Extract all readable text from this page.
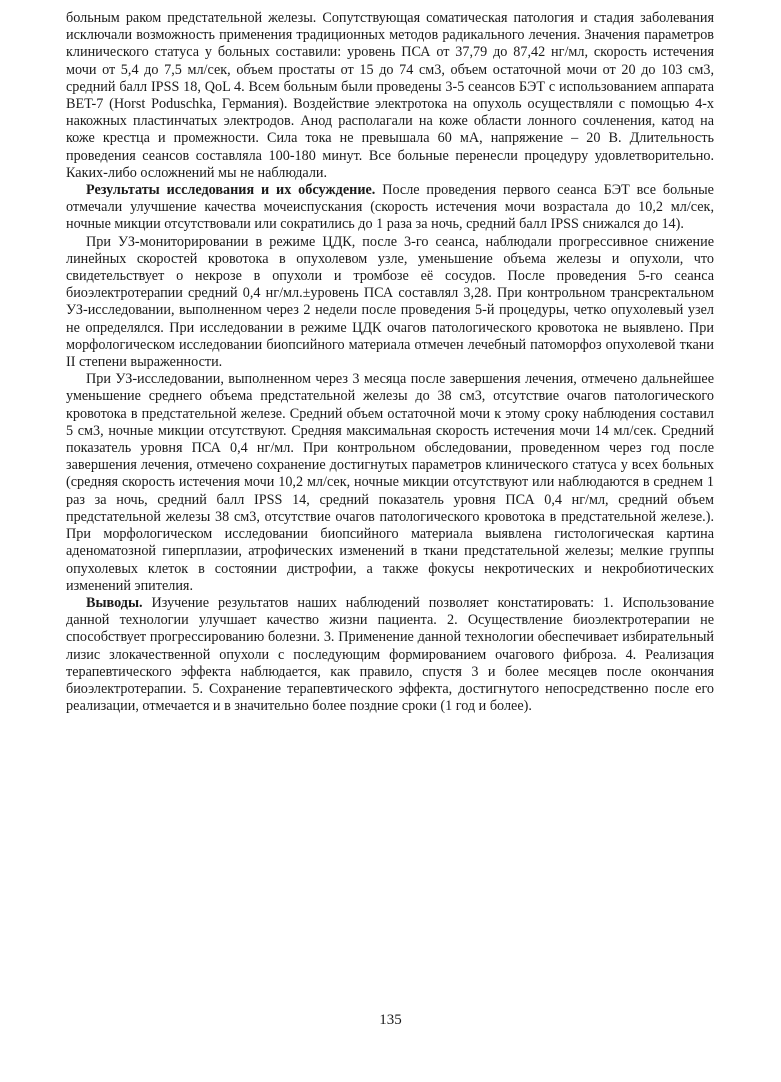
больным раком предстательной железы. Сопутствующая соматическая патология и стадия заболевания исключали возможность применения традиционных методов радикального лечения. Значения параметров клинического статуса у больных составили: уровень ПСА от 37,79 до 87,42 нг/мл, скорость истечения мочи от 5,4 до 7,5 мл/сек, объем простаты от 15 до 74 см3, объем остаточной мочи от 20 до 103 см3, средний балл IPSS 18, QoL 4. Всем больным были проведены 3-5 сеансов БЭТ с использованием аппарата BET-7 (Horst Poduschka, Германия). Воздействие электротока на опухоль осуществляли с помощью 4-х накожных пластинчатых электродов. Анод располагали на коже области лонного сочленения, катод на коже крестца и промежности. Сила тока не превышала 60 мА, напряжение – 20 В. Длительность проведения сеансов составляла 100-180 минут. Все больные перенесли процедуру удовлетворительно. Каких-либо осложнений мы не наблюдали.

Результаты исследования и их обсуждение. После проведения первого сеанса БЭТ все больные отмечали улучшение качества мочеиспускания (скорость истечения мочи возрастала до 10,2 мл/сек, ночные микции отсутствовали или сократились до 1 раза за ночь, средний балл IPSS снижался до 14).

При УЗ-мониторировании в режиме ЦДК, после 3-го сеанса, наблюдали прогрессивное снижение линейных скоростей кровотока в опухолевом узле, уменьшение объема железы и опухоли, что свидетельствует о некрозе в опухоли и тромбозе её сосудов. После проведения 5-го сеанса биоэлектротерапии средний 0,4 нг/мл.±уровень ПСА составлял 3,28. При контрольном трансректальном УЗ-исследовании, выполненном через 2 недели после проведения 5-й процедуры, четко опухолевый узел не определялся. При исследовании в режиме ЦДК очагов патологического кровотока не выявлено. При морфологическом исследовании биопсийного материала отмечен лечебный патоморфоз опухолевой ткани II степени выраженности.

При УЗ-исследовании, выполненном через 3 месяца после завершения лечения, отмечено дальнейшее уменьшение среднего объема предстательной железы до 38 см3, отсутствие очагов патологического кровотока в предстательной железе. Средний объем остаточной мочи к этому сроку наблюдения составил 5 см3, ночные микции отсутствуют. Средняя максимальная скорость истечения мочи 14 мл/сек. Средний показатель уровня ПСА 0,4 нг/мл. При контрольном обследовании, проведенном через год после завершения лечения, отмечено сохранение достигнутых параметров клинического статуса у всех больных (средняя скорость истечения мочи 10,2 мл/сек, ночные микции отсутствуют или наблюдаются в среднем 1 раз за ночь, средний балл IPSS 14, средний показатель уровня ПСА 0,4 нг/мл, средний объем предстательной железы 38 см3, отсутствие очагов патологического кровотока в предстательной железе.). При морфологическом исследовании биопсийного материала выявлена гистологическая картина аденоматозной гиперплазии, атрофических изменений в ткани предстательной железы; мелкие группы опухолевых клеток в состоянии дистрофии, а также фокусы некротических и некробиотических изменений эпителия.

Выводы. Изучение результатов наших наблюдений позволяет констатировать: 1. Использование данной технологии улучшает качество жизни пациента. 2. Осуществление биоэлектротерапии не способствует прогрессированию болезни. 3. Применение данной технологии обеспечивает избирательный лизис злокачественной опухоли с последующим формированием очагового фиброза. 4. Реализация терапевтического эффекта наблюдается, как правило, спустя 3 и более месяцев после окончания биоэлектротерапии. 5. Сохранение терапевтического эффекта, достигнутого непосредственно после его реализации, отмечается и в значительно более поздние сроки (1 год и более).

135
